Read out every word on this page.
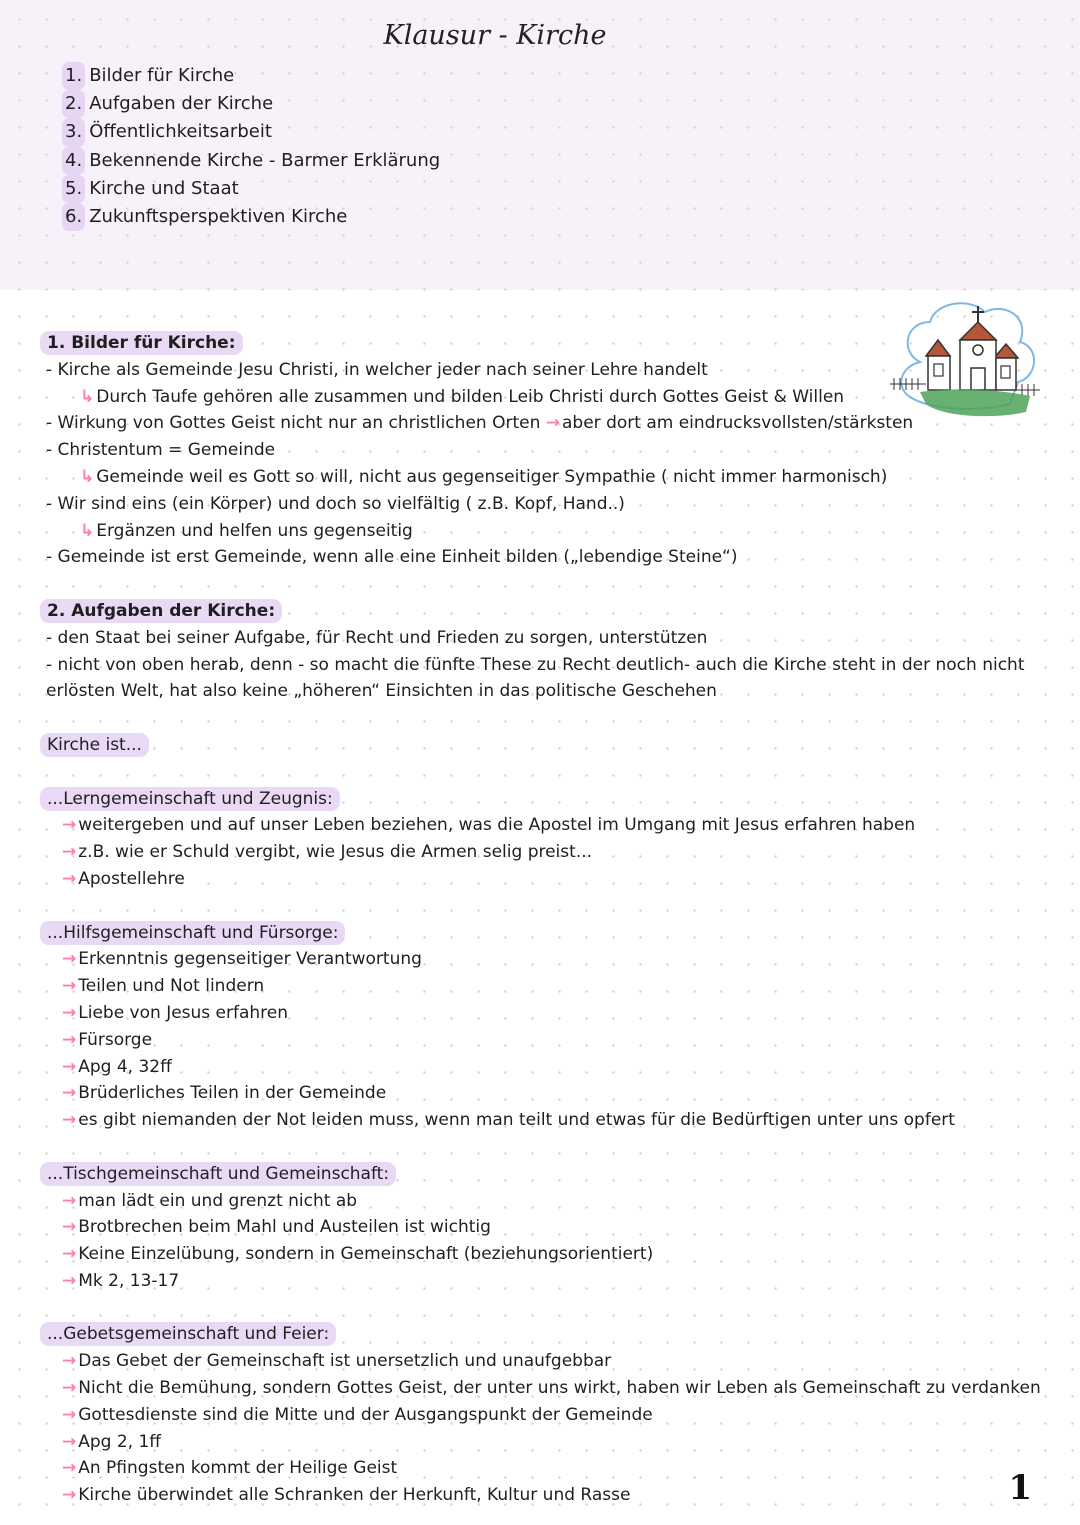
Klausur - Kirche
1. Bilder für Kirche
2. Aufgaben der Kirche
3. Öffentlichkeitsarbeit
4. Bekennende Kirche - Barmer Erklärung
5. Kirche und Staat
6. Zukunftsperspektiven Kirche

1. Bilder für Kirche:

- Kirche als Gemeinde Jesu Christi, in welcher jeder nach seiner Lehre handelt

↳ Durch Taufe gehören alle zusammen und bilden Leib Christi durch Gottes Geist & Willen

- Wirkung von Gottes Geist nicht nur an christlichen Orten → aber dort am eindrucksvollsten/stärksten

- Christentum = Gemeinde

↳ Gemeinde weil es Gott so will, nicht aus gegenseitiger Sympathie ( nicht immer harmonisch)

- Wir sind eins (ein Körper) und doch so vielfältig ( z.B. Kopf, Hand..)

↳ Ergänzen und helfen uns gegenseitig

- Gemeinde ist erst Gemeinde, wenn alle eine Einheit bilden („lebendige Steine“)

2. Aufgaben der Kirche:

- den Staat bei seiner Aufgabe, für Recht und Frieden zu sorgen, unterstützen

- nicht von oben herab, denn - so macht die fünfte These zu Recht deutlich- auch die Kirche steht in der noch nicht erlösten Welt, hat also keine „höheren“ Einsichten in das politische Geschehen

Kirche ist...

...Lerngemeinschaft und Zeugnis:

→ weitergeben und auf unser Leben beziehen, was die Apostel im Umgang mit Jesus erfahren haben

→ z.B. wie er Schuld vergibt, wie Jesus die Armen selig preist...

→ Apostellehre

...Hilfsgemeinschaft und Fürsorge:

→ Erkenntnis gegenseitiger Verantwortung

→ Teilen und Not lindern

→ Liebe von Jesus erfahren

→ Fürsorge

→ Apg 4, 32ff

→ Brüderliches Teilen in der Gemeinde

→ es gibt niemanden der Not leiden muss, wenn man teilt und etwas für die Bedürftigen unter uns opfert

...Tischgemeinschaft und Gemeinschaft:

→ man lädt ein und grenzt nicht ab

→ Brotbrechen beim Mahl und Austeilen ist wichtig

→ Keine Einzelübung, sondern in Gemeinschaft (beziehungsorientiert)

→ Mk 2, 13-17

...Gebetsgemeinschaft und Feier:

→ Das Gebet der Gemeinschaft ist unersetzlich und unaufgebbar

→ Nicht die Bemühung, sondern Gottes Geist, der unter uns wirkt, haben wir Leben als Gemeinschaft zu verdanken

→ Gottesdienste sind die Mitte und der Ausgangspunkt der Gemeinde

→ Apg 2, 1ff

→ An Pfingsten kommt der Heilige Geist

→ Kirche überwindet alle Schranken der Herkunft, Kultur und Rasse	1
